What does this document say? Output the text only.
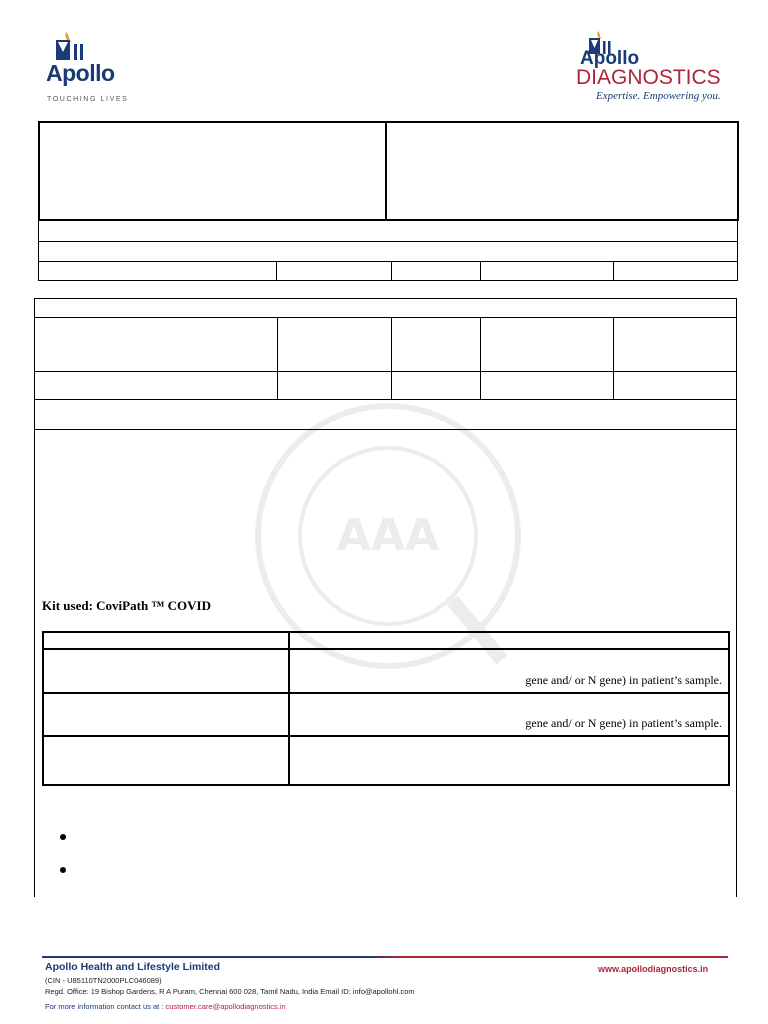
Apollo
TOUCHING LIVES
Apollo
DIAGNOSTICS
Expertise. Empowering you.
AAA
Kit used: CoviPath ™ COVID
gene and/ or N gene) in patient’s sample.
gene and/ or N gene) in patient’s sample.
Apollo Health and Lifestyle Limited
(CIN - U85110TN2000PLC046089)
Regd. Office: 19 Bishop Gardens, R A Puram, Chennai 600 028, Tamil Nadu, India Email ID: info@apollohl.com
For more information contact us at : customer.care@apollodiagnostics.in
www.apollodiagnostics.in
